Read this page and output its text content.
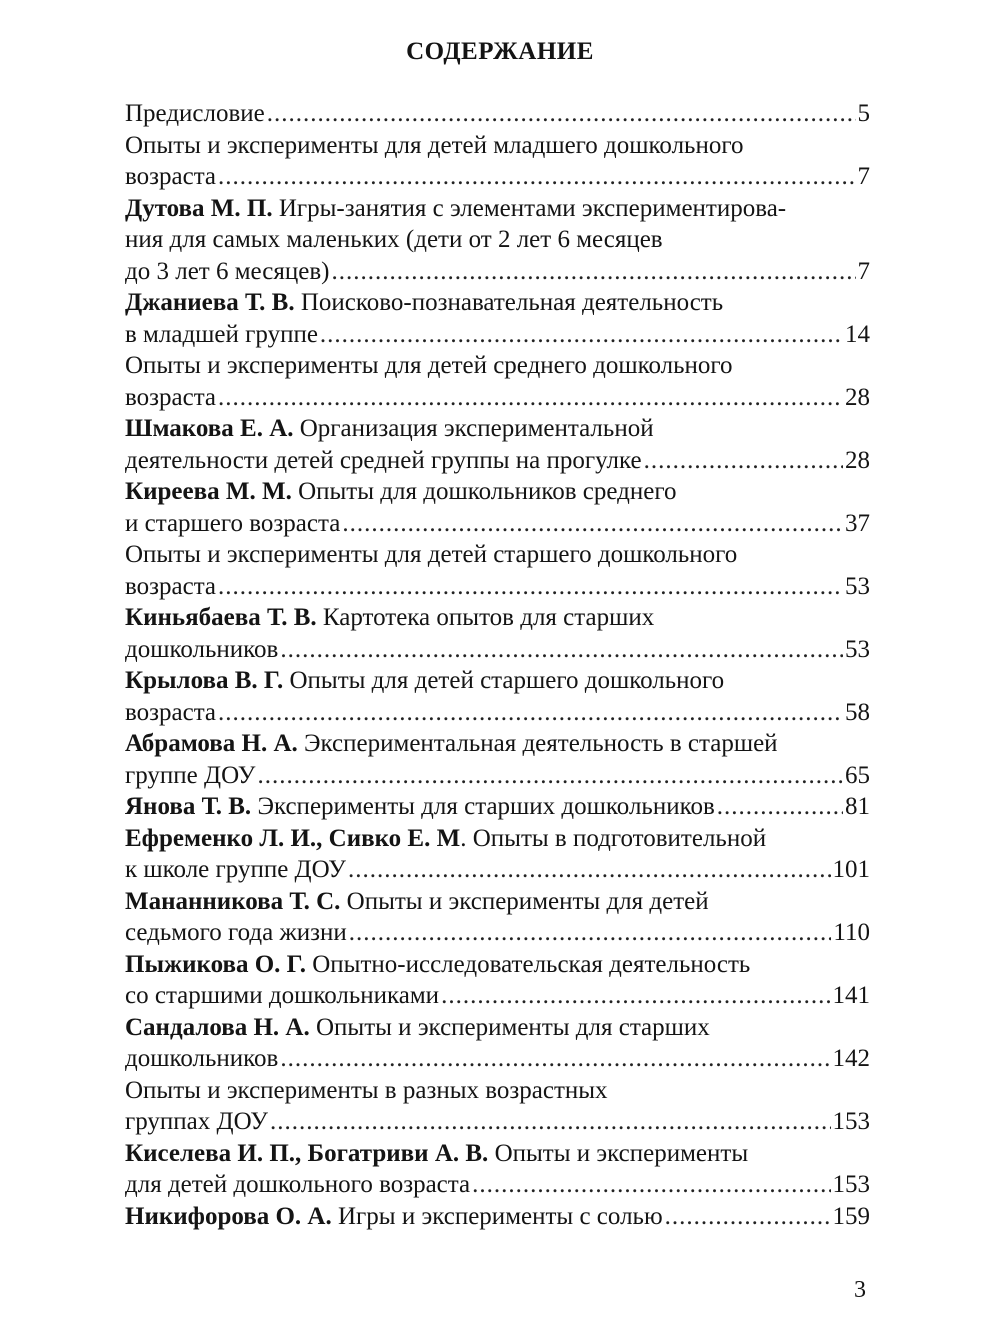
СОДЕРЖАНИЕ
Предисловие .....	5
Опыты и эксперименты для детей младшего дошкольного
возраста .....	7
Дутова М. П. Игры-занятия с элементами экспериментирова-
ния для самых маленьких (дети от 2 лет 6 месяцев
до 3 лет 6 месяцев) .....	7
Джаниева Т. В. Поисково-познавательная деятельность
в младшей группе .....	14
Опыты и эксперименты для детей среднего дошкольного
возраста .....	28
Шмакова Е. А. Организация экспериментальной
деятельности детей средней группы на прогулке .....	28
Киреева М. М. Опыты для дошкольников среднего
и старшего возраста .....	37
Опыты и эксперименты для детей старшего дошкольного
возраста .....	53
Киньябаева Т. В. Картотека опытов для старших
дошкольников .....	53
Крылова В. Г. Опыты для детей старшего дошкольного
возраста .....	58
Абрамова Н. А. Экспериментальная деятельность в старшей
группе ДОУ .....	65
Янова Т. В. Эксперименты для старших дошкольников .....	81
Ефременко Л. И., Сивко Е. М. Опыты в подготовительной
к школе группе ДОУ .....	101
Мананникова Т. С. Опыты и эксперименты для детей
седьмого года жизни .....	110
Пыжикова О. Г. Опытно-исследовательская деятельность
со старшими дошкольниками .....	141
Сандалова Н. А. Опыты и эксперименты для старших
дошкольников .....	142
Опыты и эксперименты в разных возрастных
группах ДОУ .....	153
Киселева И. П., Богатриви А. В. Опыты и эксперименты
для детей дошкольного возраста .....	153
Никифорова О. А. Игры и эксперименты с солью .....	159
3
